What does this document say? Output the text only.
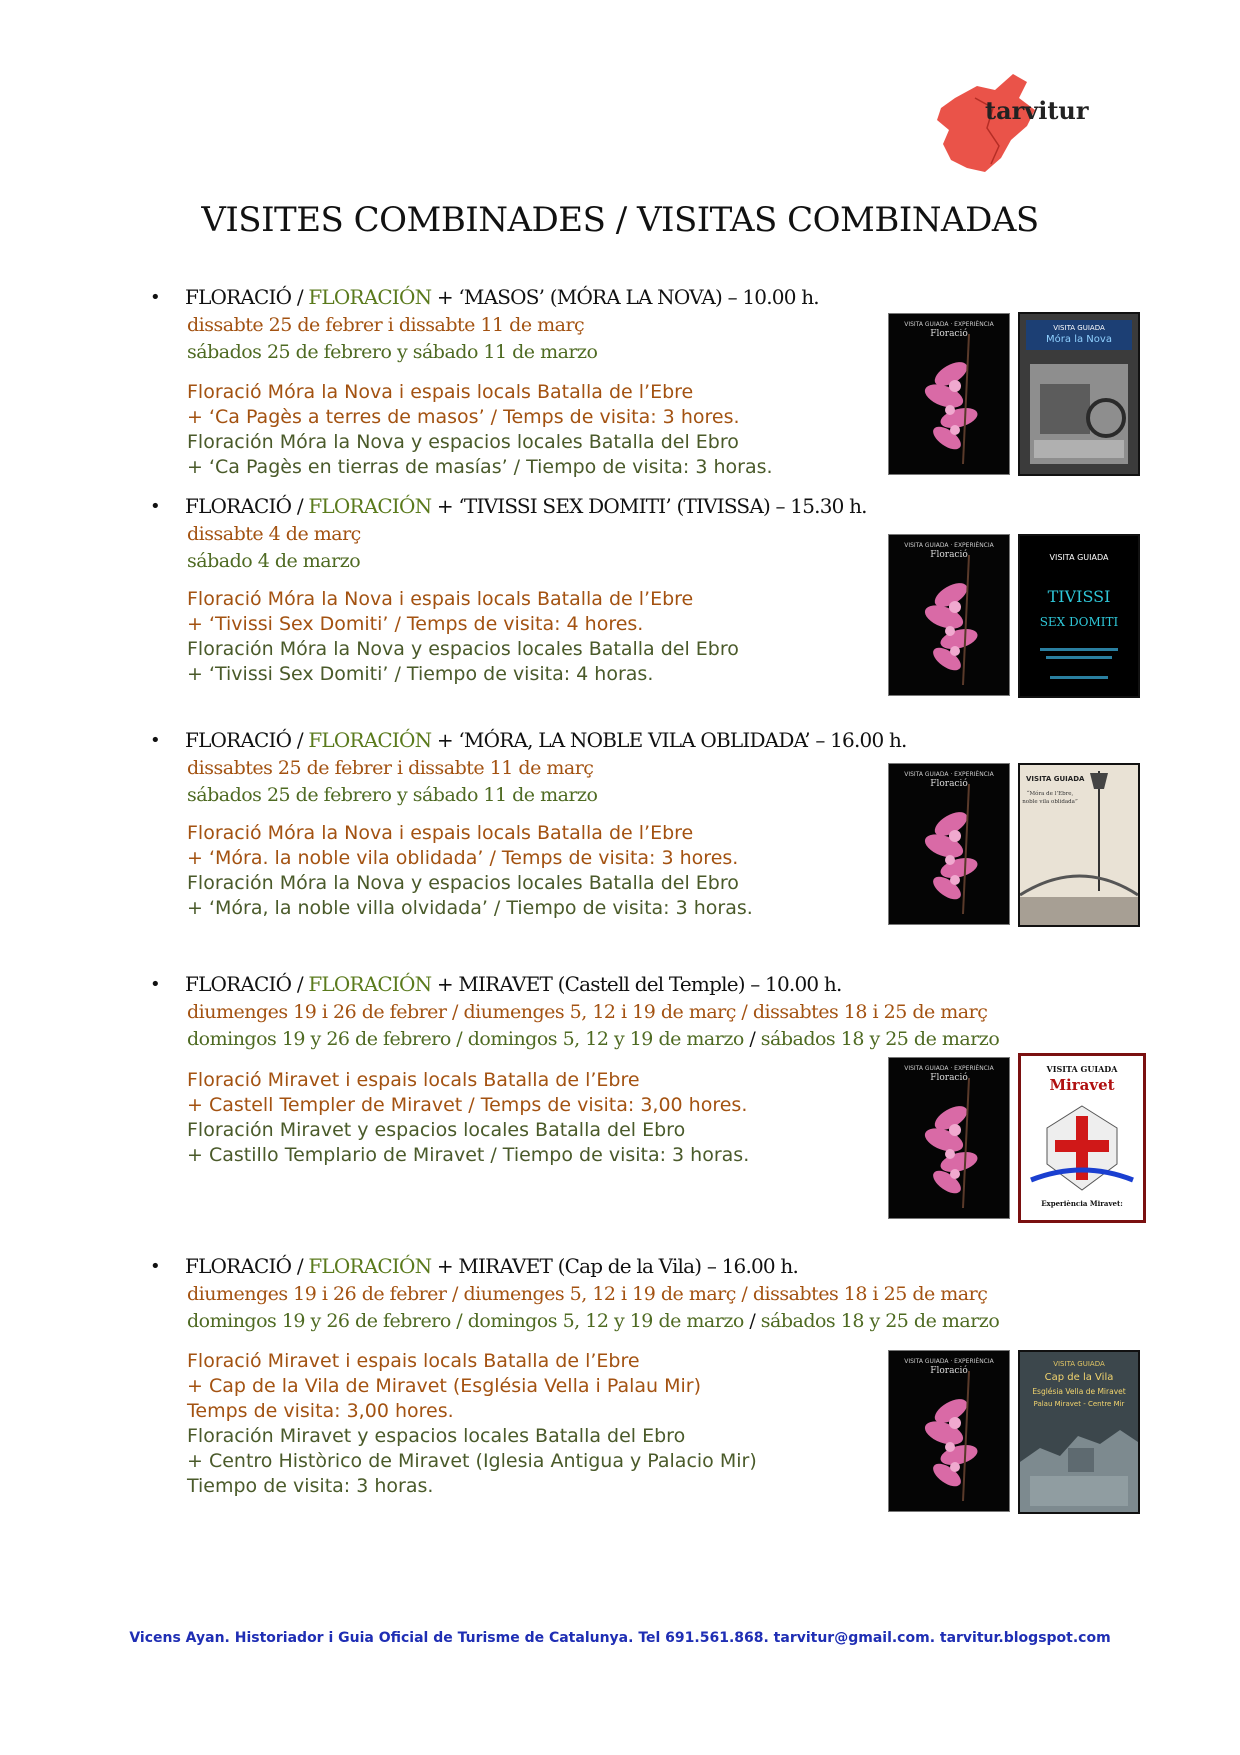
tarvitur
VISITES COMBINADES / VISITAS COMBINADAS
• FLORACIÓ / FLORACIÓN + ‘MASOS’ (MÓRA LA NOVA) – 10.00 h.
dissabte 25 de febrer i dissabte 11 de març
sábados 25 de febrero y sábado 11 de marzo
Floració Móra la Nova i espais locals Batalla de l’Ebre
+ ‘Ca Pagès a terres de masos’ / Temps de visita: 3 hores.
Floración Móra la Nova y espacios locales Batalla del Ebro
+ ‘Ca Pagès en tierras de masías’ / Tiempo de visita: 3 horas.
VISITA GUIADA · EXPERIÈNCIA
Floració
VISITA GUIADA
Móra la Nova
• FLORACIÓ / FLORACIÓN + ‘TIVISSI SEX DOMITI’ (TIVISSA) – 15.30 h.
dissabte 4 de març
sábado 4 de marzo
Floració Móra la Nova i espais locals Batalla de l’Ebre
+ ‘Tivissi Sex Domiti’ / Temps de visita: 4 hores.
Floración Móra la Nova y espacios locales Batalla del Ebro
+ ‘Tivissi Sex Domiti’ / Tiempo de visita: 4 horas.
VISITA GUIADA · EXPERIÈNCIA
Floració	VISITA GUIADA
TIVISSI
SEX DOMITI
• FLORACIÓ / FLORACIÓN + ‘MÓRA, LA NOBLE VILA OBLIDADA’ – 16.00 h.
dissabtes 25 de febrer i dissabte 11 de març
sábados 25 de febrero y sábado 11 de marzo
Floració Móra la Nova i espais locals Batalla de l’Ebre
+ ‘Móra. la noble vila oblidada’ / Temps de visita: 3 hores.
Floración Móra la Nova y espacios locales Batalla del Ebro
+ ‘Móra, la noble villa olvidada’ / Tiempo de visita: 3 horas.
VISITA GUIADA · EXPERIÈNCIA
Floració	VISITA GUIADA
“Móra de l’Ebre,
noble vila oblidada”
• FLORACIÓ / FLORACIÓN + MIRAVET (Castell del Temple) – 10.00 h.
diumenges 19 i 26 de febrer / diumenges 5, 12 i 19 de març / dissabtes 18 i 25 de març
domingos 19 y 26 de febrero / domingos 5, 12 y 19 de marzo / sábados 18 y 25 de marzo
Floració Miravet i espais locals Batalla de l’Ebre
+ Castell Templer de Miravet / Temps de visita: 3,00 hores.
Floración Miravet y espacios locales Batalla del Ebro
+ Castillo Templario de Miravet / Tiempo de visita: 3 horas.
VISITA GUIADA · EXPERIÈNCIA
Floració
VISITA GUIADA
Miravet
Experiència Miravet:
• FLORACIÓ / FLORACIÓN + MIRAVET (Cap de la Vila) – 16.00 h.
diumenges 19 i 26 de febrer / diumenges 5, 12 i 19 de març / dissabtes 18 i 25 de març
domingos 19 y 26 de febrero / domingos 5, 12 y 19 de marzo / sábados 18 y 25 de marzo
Floració Miravet i espais locals Batalla de l’Ebre
+ Cap de la Vila de Miravet (Església Vella i Palau Mir)
Temps de visita: 3,00 hores.
Floración Miravet y espacios locales Batalla del Ebro
+ Centro Històrico de Miravet (Iglesia Antigua y Palacio Mir)
Tiempo de visita: 3 horas.
VISITA GUIADA · EXPERIÈNCIA
Floració
VISITA GUIADA
Cap de la Vila
Església Vella de Miravet
Palau Miravet - Centre Mir
Vicens Ayan. Historiador i Guia Oficial de Turisme de Catalunya. Tel 691.561.868. tarvitur@gmail.com. tarvitur.blogspot.com
